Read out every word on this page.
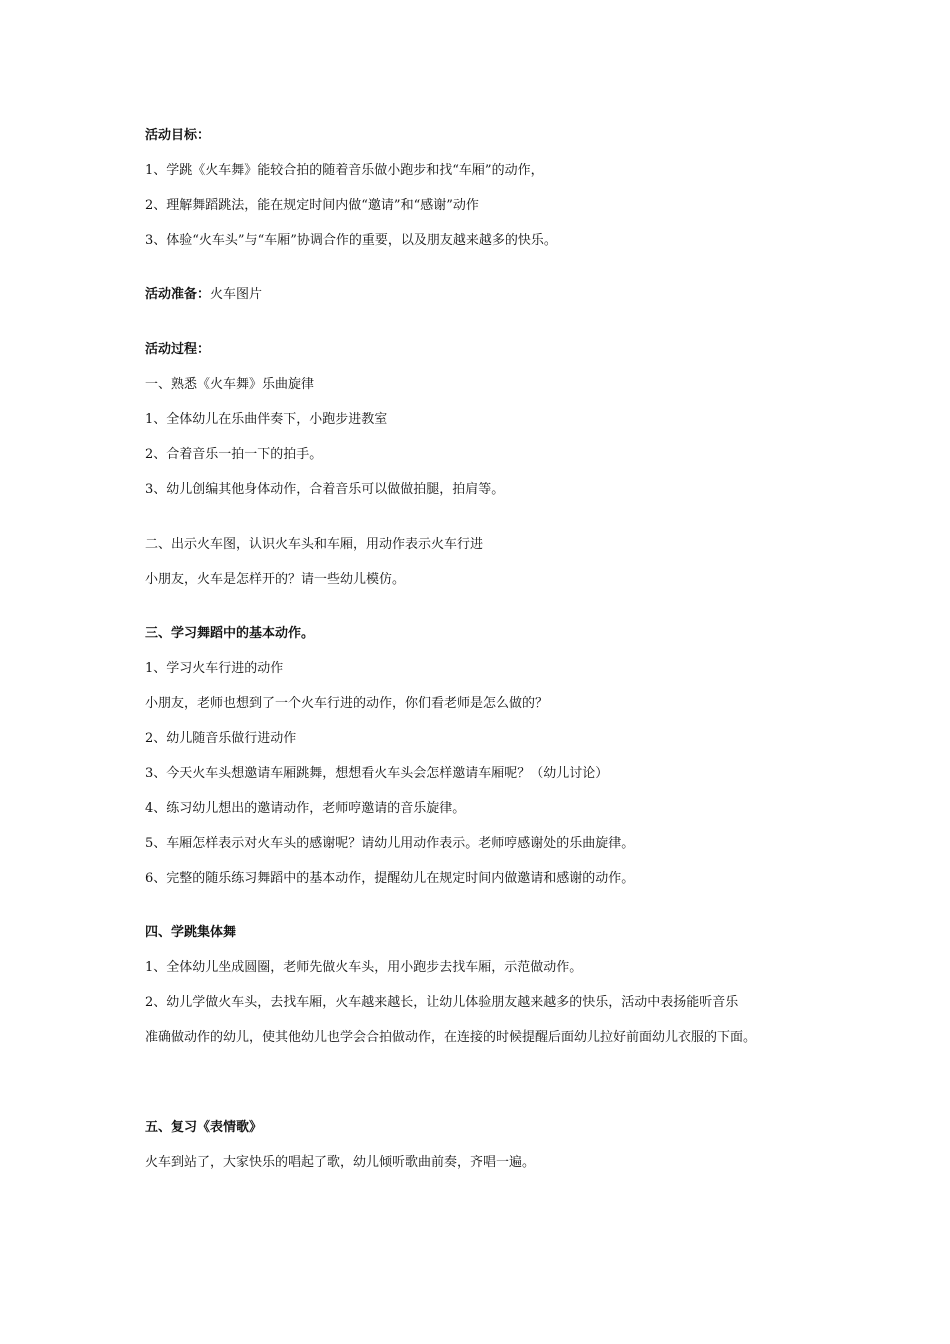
活动目标：
1、学跳《火车舞》能较合拍的随着音乐做小跑步和找“车厢”的动作，
2、理解舞蹈跳法，能在规定时间内做“邀请”和“感谢”动作
3、体验“火车头”与“车厢”协调合作的重要，以及朋友越来越多的快乐。
活动准备：火车图片
活动过程：
一、熟悉《火车舞》乐曲旋律
1、全体幼儿在乐曲伴奏下，小跑步进教室
2、合着音乐一拍一下的拍手。
3、幼儿创编其他身体动作，合着音乐可以做做拍腿，拍肩等。
二、出示火车图，认识火车头和车厢，用动作表示火车行进
小朋友，火车是怎样开的？请一些幼儿模仿。
三、学习舞蹈中的基本动作。
1、学习火车行进的动作
小朋友，老师也想到了一个火车行进的动作，你们看老师是怎么做的？
2、幼儿随音乐做行进动作
3、今天火车头想邀请车厢跳舞，想想看火车头会怎样邀请车厢呢？（幼儿讨论）
4、练习幼儿想出的邀请动作，老师哼邀请的音乐旋律。
5、车厢怎样表示对火车头的感谢呢？请幼儿用动作表示。老师哼感谢处的乐曲旋律。
6、完整的随乐练习舞蹈中的基本动作，提醒幼儿在规定时间内做邀请和感谢的动作。
四、学跳集体舞
1、全体幼儿坐成圆圈，老师先做火车头，用小跑步去找车厢，示范做动作。
2、幼儿学做火车头，去找车厢，火车越来越长，让幼儿体验朋友越来越多的快乐，活动中表扬能听音乐
准确做动作的幼儿，使其他幼儿也学会合拍做动作，在连接的时候提醒后面幼儿拉好前面幼儿衣服的下面。
五、复习《表情歌》
火车到站了，大家快乐的唱起了歌，幼儿倾听歌曲前奏，齐唱一遍。
